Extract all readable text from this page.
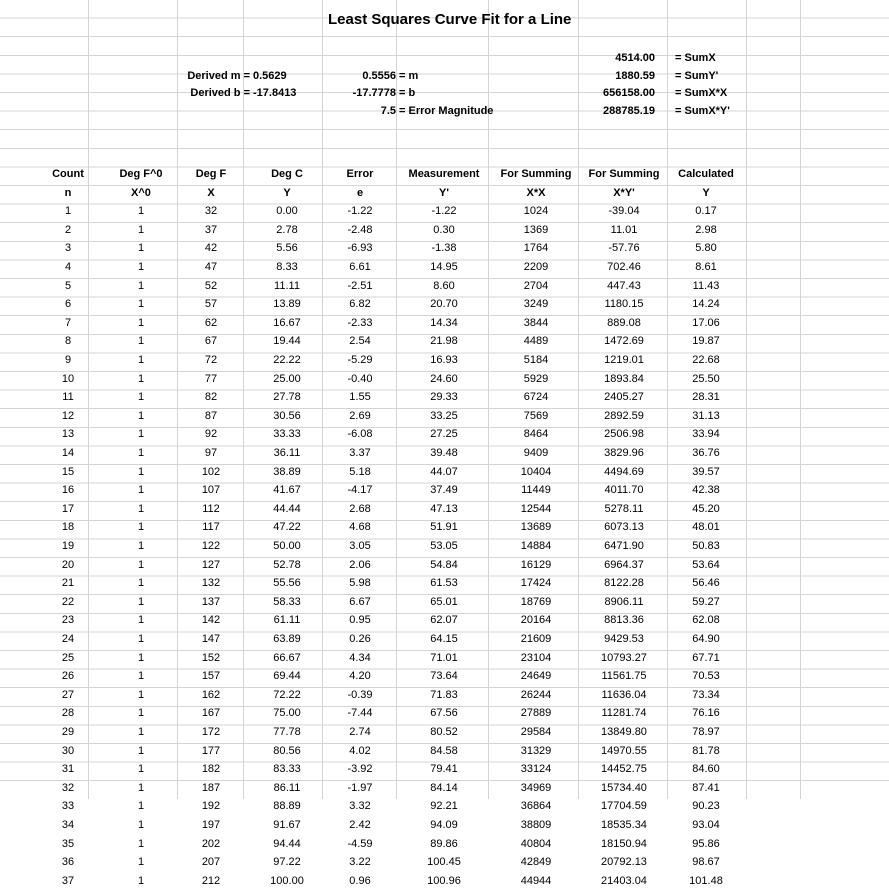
Least Squares Curve Fit for a Line
Derived m = 0.5629
Derived b = -17.8413
0.5556 = m
-17.7778 = b
7.5 = Error Magnitude
4514.00 = SumX
1880.59 = SumY'
656158.00 = SumX*X
288785.19 = SumX*Y'
Count	Deg F^0	Deg F	Deg C	Error	Measurement	For Summing	For Summing	Calculated
n	X^0	X	Y	e	Y'	X*X	X*Y'	Y
1	1	32	0.00	-1.22	-1.22	1024	-39.04	0.17
2	1	37	2.78	-2.48	0.30	1369	11.01	2.98
3	1	42	5.56	-6.93	-1.38	1764	-57.76	5.80
4	1	47	8.33	6.61	14.95	2209	702.46	8.61
5	1	52	11.11	-2.51	8.60	2704	447.43	11.43
6	1	57	13.89	6.82	20.70	3249	1180.15	14.24
7	1	62	16.67	-2.33	14.34	3844	889.08	17.06
8	1	67	19.44	2.54	21.98	4489	1472.69	19.87
9	1	72	22.22	-5.29	16.93	5184	1219.01	22.68
10	1	77	25.00	-0.40	24.60	5929	1893.84	25.50
11	1	82	27.78	1.55	29.33	6724	2405.27	28.31
12	1	87	30.56	2.69	33.25	7569	2892.59	31.13
13	1	92	33.33	-6.08	27.25	8464	2506.98	33.94
14	1	97	36.11	3.37	39.48	9409	3829.96	36.76
15	1	102	38.89	5.18	44.07	10404	4494.69	39.57
16	1	107	41.67	-4.17	37.49	11449	4011.70	42.38
17	1	112	44.44	2.68	47.13	12544	5278.11	45.20
18	1	117	47.22	4.68	51.91	13689	6073.13	48.01
19	1	122	50.00	3.05	53.05	14884	6471.90	50.83
20	1	127	52.78	2.06	54.84	16129	6964.37	53.64
21	1	132	55.56	5.98	61.53	17424	8122.28	56.46
22	1	137	58.33	6.67	65.01	18769	8906.11	59.27
23	1	142	61.11	0.95	62.07	20164	8813.36	62.08
24	1	147	63.89	0.26	64.15	21609	9429.53	64.90
25	1	152	66.67	4.34	71.01	23104	10793.27	67.71
26	1	157	69.44	4.20	73.64	24649	11561.75	70.53
27	1	162	72.22	-0.39	71.83	26244	11636.04	73.34
28	1	167	75.00	-7.44	67.56	27889	11281.74	76.16
29	1	172	77.78	2.74	80.52	29584	13849.80	78.97
30	1	177	80.56	4.02	84.58	31329	14970.55	81.78
31	1	182	83.33	-3.92	79.41	33124	14452.75	84.60
32	1	187	86.11	-1.97	84.14	34969	15734.40	87.41
33	1	192	88.89	3.32	92.21	36864	17704.59	90.23
34	1	197	91.67	2.42	94.09	38809	18535.34	93.04
35	1	202	94.44	-4.59	89.86	40804	18150.94	95.86
36	1	207	97.22	3.22	100.45	42849	20792.13	98.67
37	1	212	100.00	0.96	100.96	44944	21403.04	101.48
